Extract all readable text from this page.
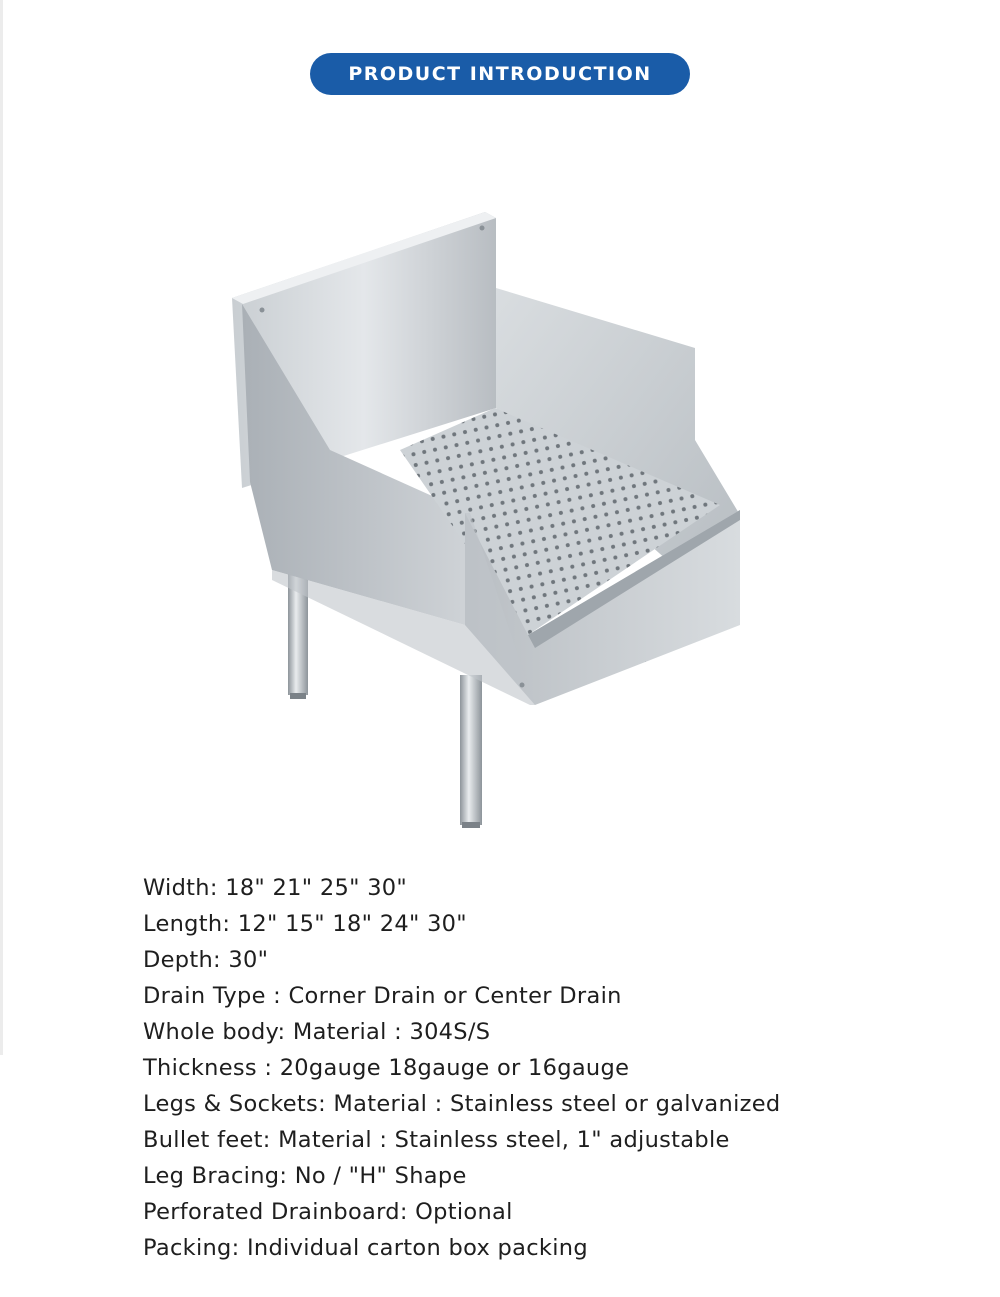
PRODUCT INTRODUCTION
Width: 18" 21" 25" 30"
Length: 12" 15" 18" 24" 30"
Depth: 30"
Drain Type : Corner Drain or Center Drain
Whole body: Material : 304S/S
Thickness : 20gauge 18gauge or 16gauge
Legs & Sockets: Material : Stainless steel or galvanized
Bullet feet: Material : Stainless steel, 1" adjustable
Leg Bracing: No / "H" Shape
Perforated Drainboard: Optional
Packing: Individual carton box packing
